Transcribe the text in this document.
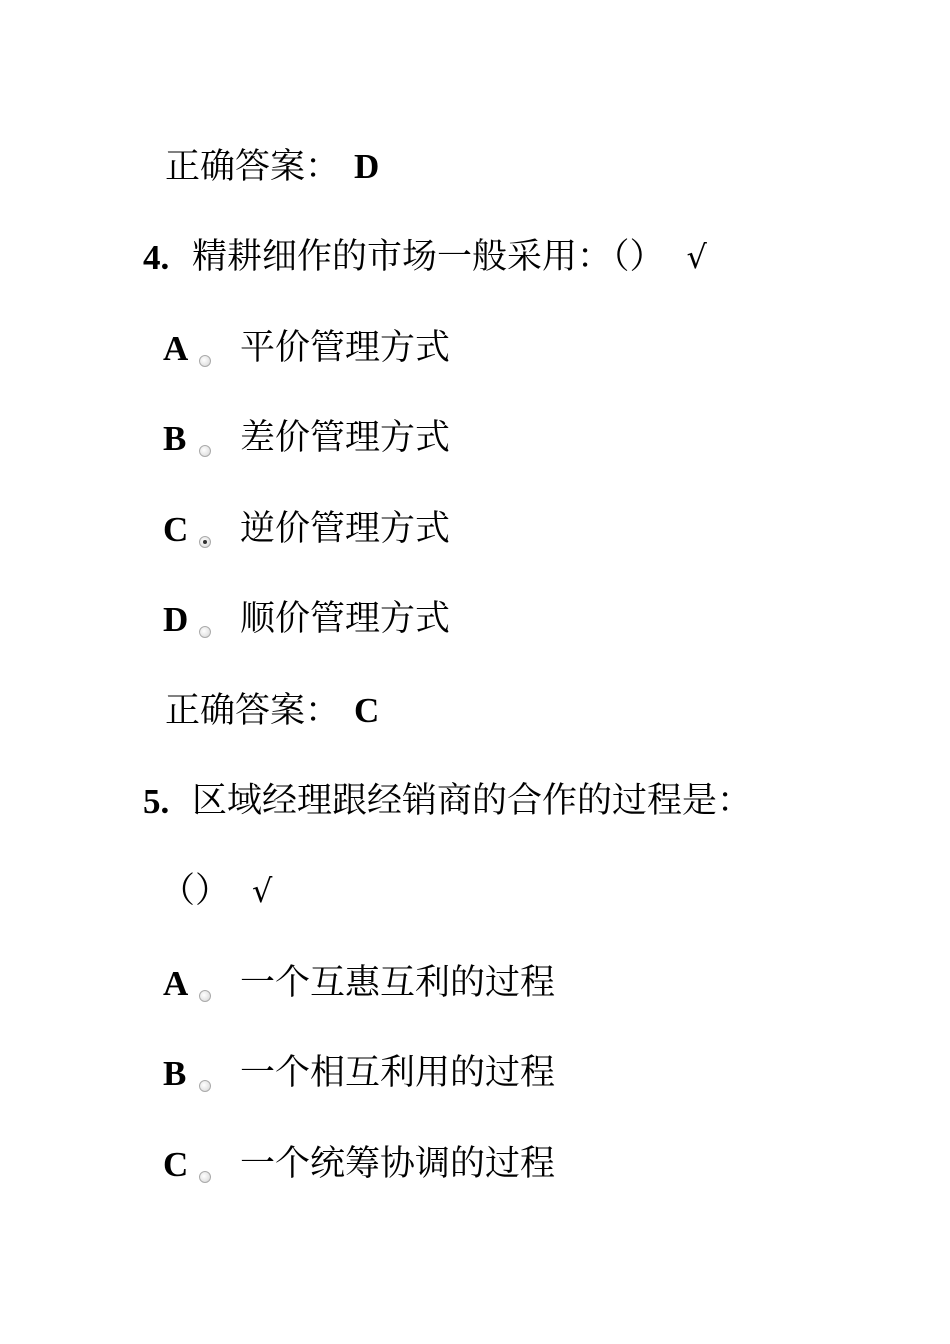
正确答案： D
4. 精耕细作的市场一般采用：（） √
A 平价管理方式
B 差价管理方式
C 逆价管理方式
D 顺价管理方式
正确答案： C
5. 区域经理跟经销商的合作的过程是：
（） √
A 一个互惠互利的过程
B 一个相互利用的过程
C 一个统筹协调的过程
